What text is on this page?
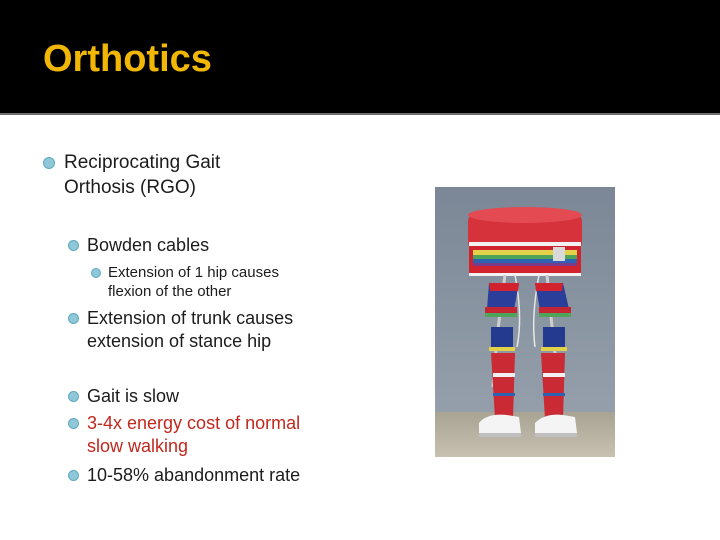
Orthotics
Reciprocating Gait
Orthosis (RGO)
Bowden cables
Extension of 1 hip causes
flexion of the other
Extension of trunk causes
extension of stance hip
Gait is slow
3-4x energy cost of normal
slow walking
10-58% abandonment rate
